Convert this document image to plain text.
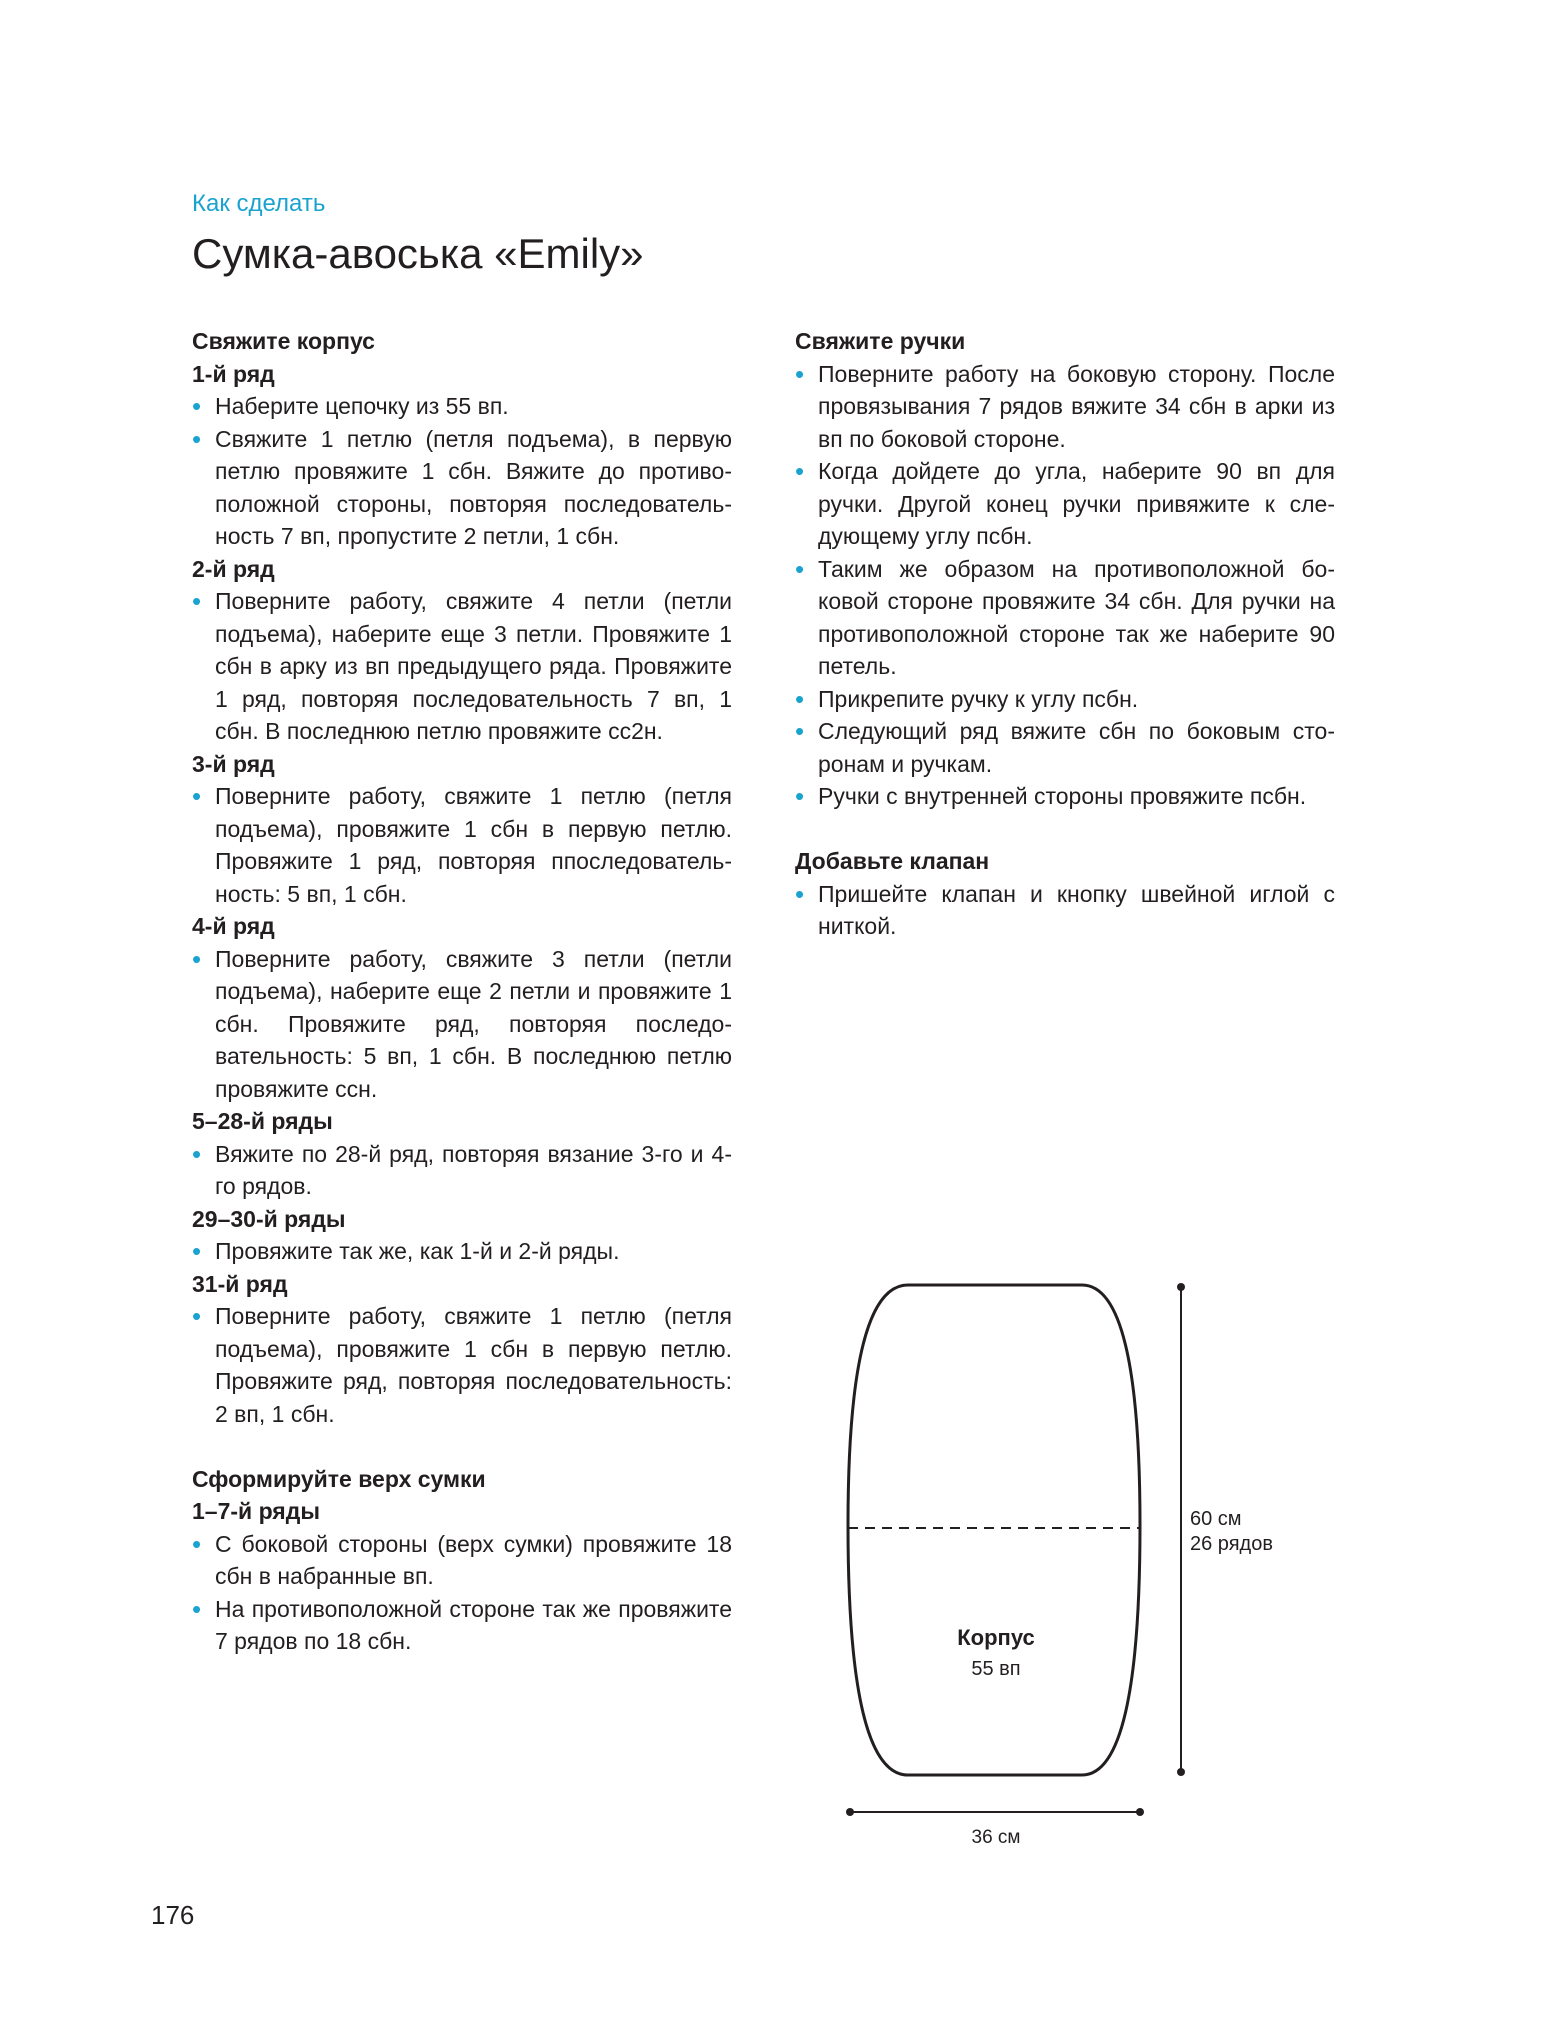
Как сделать
Сумка-авоська «Emily»

Свяжите корпус

1-й ряд

• Наберите цепочку из 55 вп.
• Свяжите 1 петлю (петля подъема), в первую петлю провяжите 1 сбн. Вяжите до противоположной стороны, повторяя последовательность 7 вп, пропустите 2 петли, 1 сбн.

2-й ряд

• Поверните работу, свяжите 4 петли (петли подъема), наберите еще 3 петли. Провяжите 1 сбн в арку из вп предыдущего ряда. Провяжите 1 ряд, повторяя последовательность 7 вп, 1 сбн. В последнюю петлю провяжите сс2н.

3-й ряд

• Поверните работу, свяжите 1 петлю (петля подъема), провяжите 1 сбн в первую петлю. Провяжите 1 ряд, повторяя ппоследовательность: 5 вп, 1 сбн.

4-й ряд

• Поверните работу, свяжите 3 петли (петли подъема), наберите еще 2 петли и провяжите 1 сбн. Провяжите ряд, повторяя последовательность: 5 вп, 1 сбн. В последнюю петлю провяжите ссн.

5–28-й ряды

• Вяжите по 28-й ряд, повторяя вязание 3-го и 4-го рядов.

29–30-й ряды

• Провяжите так же, как 1-й и 2-й ряды.

31-й ряд

• Поверните работу, свяжите 1 петлю (петля подъема), провяжите 1 сбн в первую петлю. Провяжите ряд, повторяя последовательность: 2 вп, 1 сбн.

Сформируйте верх сумки

1–7-й ряды

• С боковой стороны (верх сумки) провяжите 18 сбн в набранные вп.
• На противоположной стороне так же провяжите 7 рядов по 18 сбн.

Свяжите ручки

• Поверните работу на боковую сторону. После провязывания 7 рядов вяжите 34 сбн в арки из вп по боковой стороне.
• Когда дойдете до угла, наберите 90 вп для ручки. Другой конец ручки привяжите к следующему углу псбн.
• Таким же образом на противоположной боковой стороне провяжите 34 сбн. Для ручки на противоположной стороне так же наберите 90 петель.
• Прикрепите ручку к углу псбн.
• Следующий ряд вяжите сбн по боковым сторонам и ручкам.
• Ручки с внутренней стороны провяжите псбн.

Добавьте клапан

• Пришейте клапан и кнопку швейной иглой с ниткой.
Корпус
55 вп
60 см
26 рядов
36 см
176
